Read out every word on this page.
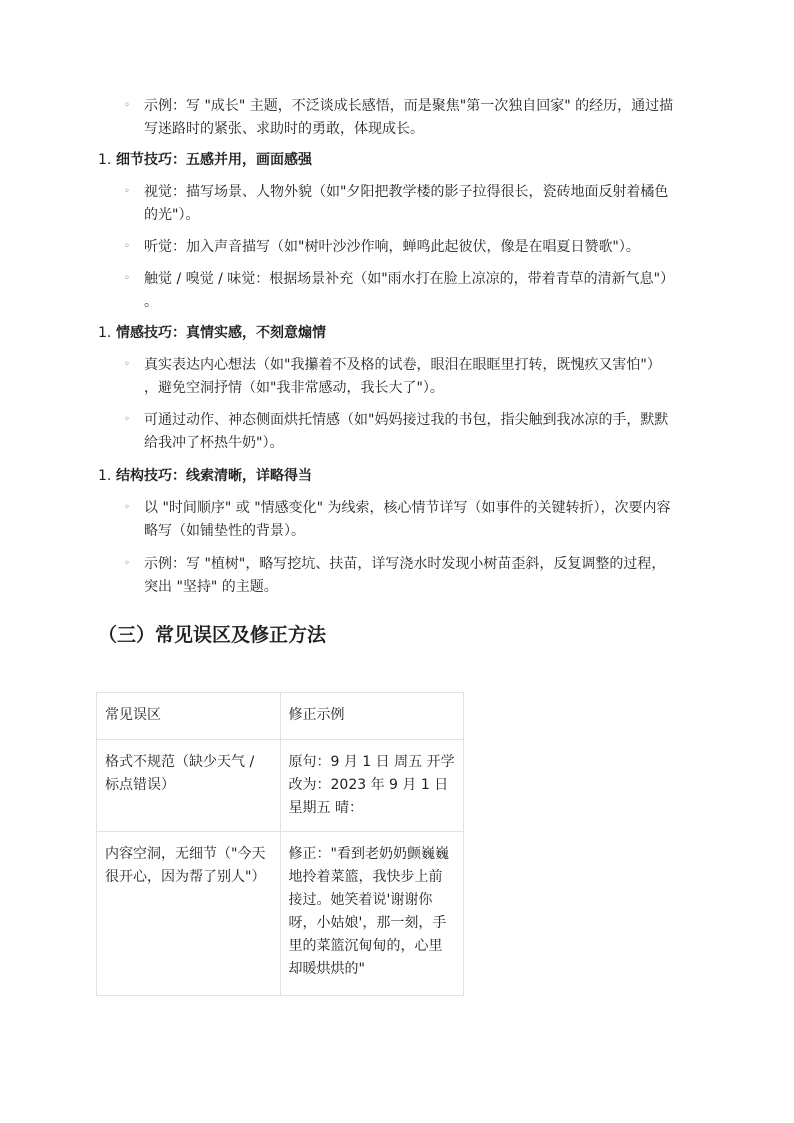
◦ 示例：写 "成长" 主题，不泛谈成长感悟，而是聚焦"第一次独自回家" 的经历，通过描
写迷路时的紧张、求助时的勇敢，体现成长。
1. 细节技巧：五感并用，画面感强
◦ 视觉：描写场景、人物外貌（如"夕阳把教学楼的影子拉得很长，瓷砖地面反射着橘色
的光"）。
◦ 听觉：加入声音描写（如"树叶沙沙作响，蝉鸣此起彼伏，像是在唱夏日赞歌"）。
◦ 触觉 / 嗅觉 / 味觉：根据场景补充（如"雨水打在脸上凉凉的，带着青草的清新气息"）
。
1. 情感技巧：真情实感，不刻意煽情
◦ 真实表达内心想法（如"我攥着不及格的试卷，眼泪在眼眶里打转，既愧疚又害怕"）
，避免空洞抒情（如"我非常感动，我长大了"）。
◦ 可通过动作、神态侧面烘托情感（如"妈妈接过我的书包，指尖触到我冰凉的手，默默
给我冲了杯热牛奶"）。
1. 结构技巧：线索清晰，详略得当
◦ 以 "时间顺序" 或 "情感变化" 为线索，核心情节详写（如事件的关键转折），次要内容
略写（如铺垫性的背景）。
◦ 示例：写 "植树"，略写挖坑、扶苗，详写浇水时发现小树苗歪斜，反复调整的过程，
突出 "坚持" 的主题。
（三）常见误区及修正方法
常见误区	修正示例
格式不规范（缺少天气 / 标点错误）	原句：9 月 1 日 周五 开学 改为：2023 年 9 月 1 日 星期五 晴：
内容空洞，无细节（"今天很开心，因为帮了别人"）	修正："看到老奶奶颤巍巍地拎着菜篮，我快步上前接过。她笑着说'谢谢你呀，小姑娘'，那一刻，手里的菜篮沉甸甸的，心里却暖烘烘的"
